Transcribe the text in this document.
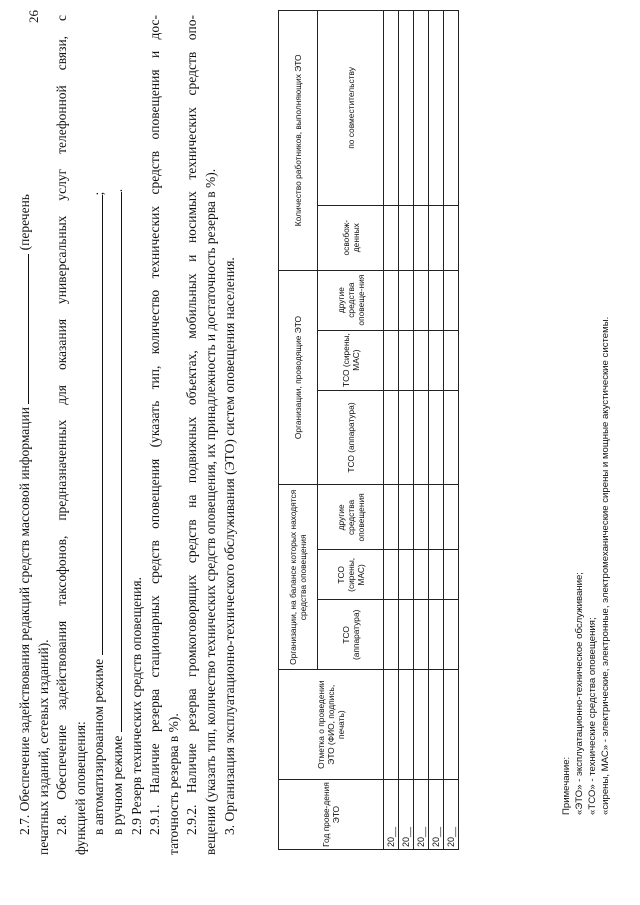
26

2.7. Обеспечение задействования редакций средств массовой информации  (перечень

печатных изданий, сетевых изданий). 2.8. Обеспечение задействования таксофонов, предназначенных для оказания универсальных услуг телефонной связи, с функцией оповещения: в автоматизированном режиме ;

в ручном режиме .

2.9 Резерв технических средств оповещения. 2.9.1. Наличие резерва стационарных средств оповещения (указать тип, количество технических средств оповещения и дос- таточность резерва в %). 2.9.2. Наличие резерва громкоговорящих средств на подвижных объектах, мобильных и носимых технических средств опо- вещения (указать тип, количество технических средств оповещения, их принадлежность и достаточность резерва в %). 3. Организация эксплуатационно-технического обслуживания (ЭТО) систем оповещения населения.	Год прове-дения ЭТО	Отметка о проведении ЭТО (ФИО, подпись, печать)	Организации, на балансе которых находятся средства оповещения			Организации, проводящие ЭТО			Количество работников, выполняющих ЭТО	
		ТСО (аппаратура)	ТСО (сирены, МАС)	другие средства оповещения	ТСО (аппаратура)	ТСО (сирены, МАС)	другие средства оповеще-ния	освобож-денных	по совместительству
20__									
20__									
20__									
20__									
20__									

Примечание: «ЭТО» - эксплуатационно-техническое обслуживание; «ТСО» - технические средства оповещения; «сирены, МАС» - электрические, электронные, электромеханические сирены и мощные акустические системы.
